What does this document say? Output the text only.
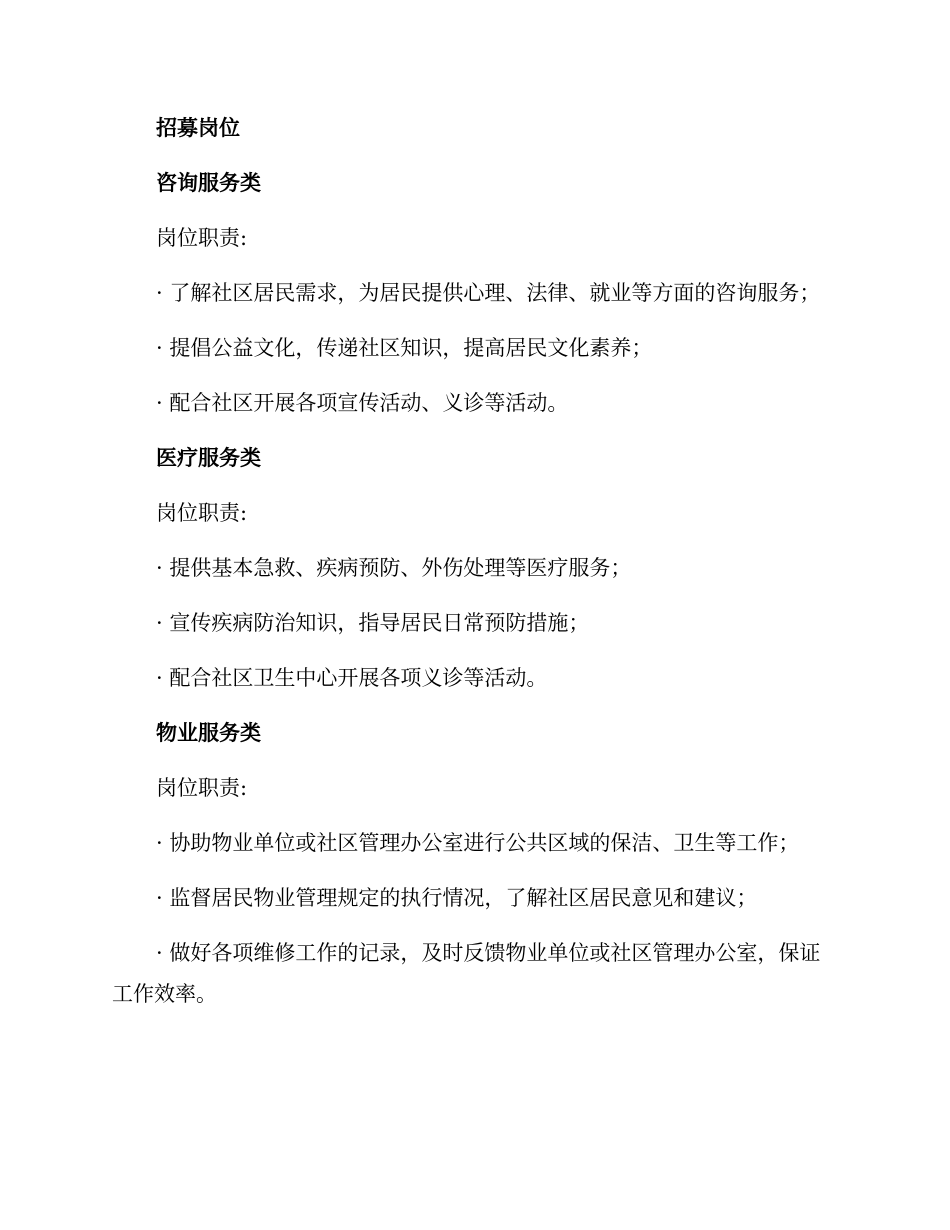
招募岗位

咨询服务类

岗位职责:

· 了解社区居民需求，为居民提供心理、法律、就业等方面的咨询服务；

· 提倡公益文化，传递社区知识，提高居民文化素养；

· 配合社区开展各项宣传活动、义诊等活动。

医疗服务类

岗位职责:

· 提供基本急救、疾病预防、外伤处理等医疗服务；

· 宣传疾病防治知识，指导居民日常预防措施；

· 配合社区卫生中心开展各项义诊等活动。

物业服务类

岗位职责:

· 协助物业单位或社区管理办公室进行公共区域的保洁、卫生等工作；

· 监督居民物业管理规定的执行情况，了解社区居民意见和建议；

· 做好各项维修工作的记录，及时反馈物业单位或社区管理办公室，保证工作效率。
